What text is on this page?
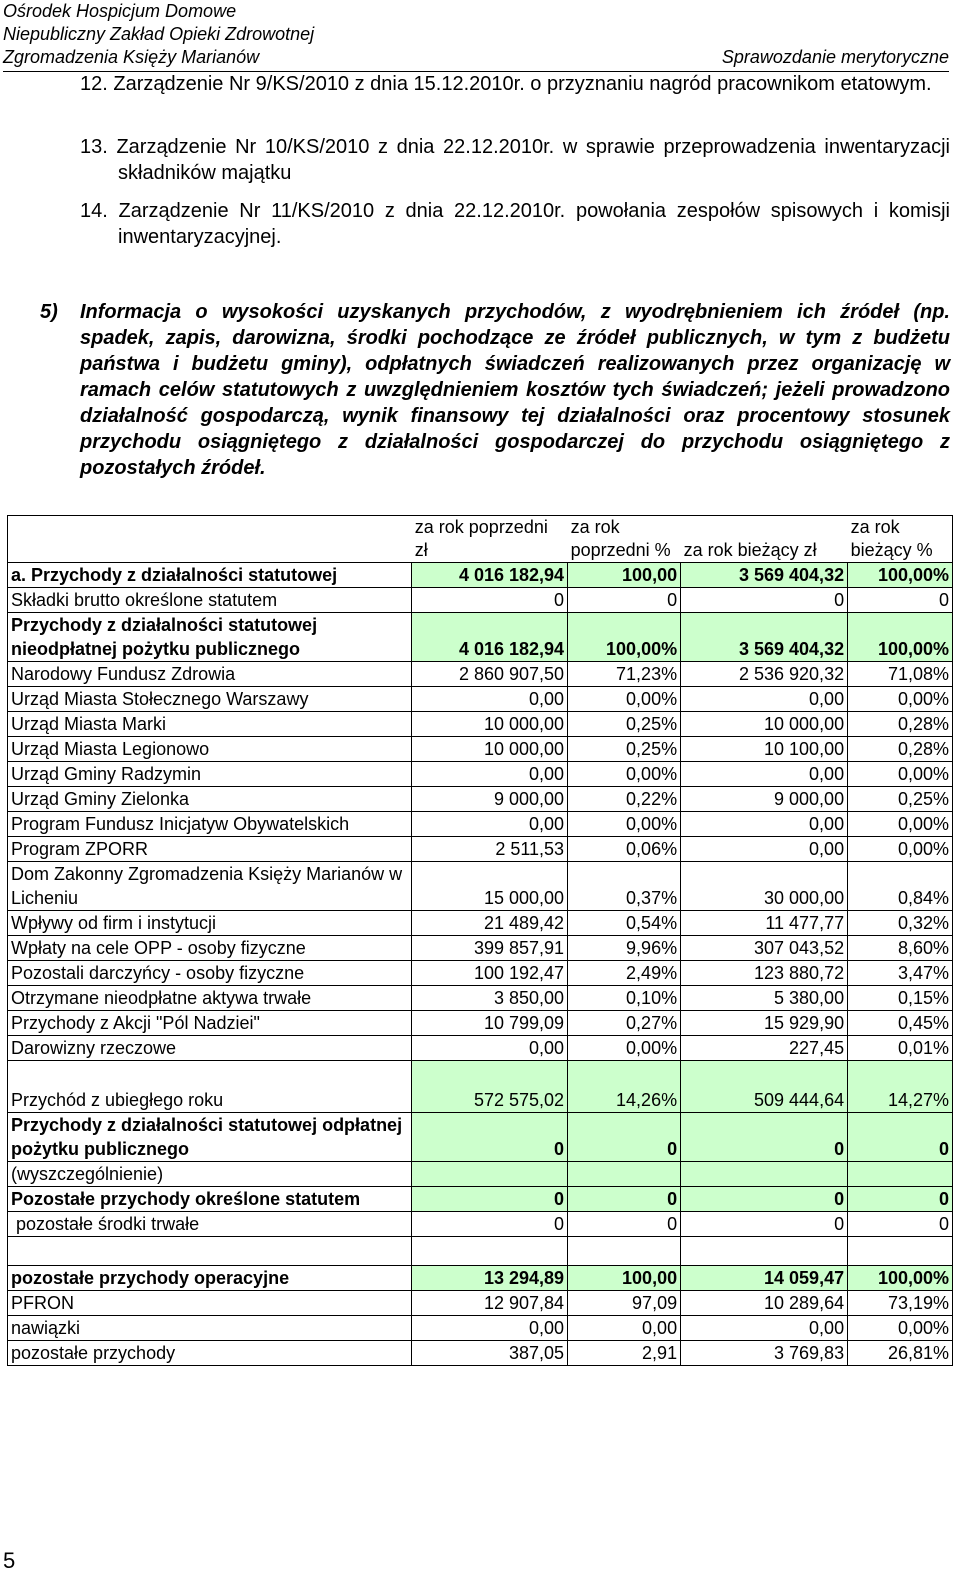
Ośrodek Hospicjum Domowe
Niepubliczny Zakład Opieki Zdrowotnej
Zgromadzenia Księży Marianów	Sprawozdanie merytoryczne
12. Zarządzenie Nr 9/KS/2010 z dnia 15.12.2010r. o przyznaniu nagród pracownikom etatowym.
13. Zarządzenie Nr 10/KS/2010 z dnia 22.12.2010r. w sprawie przeprowadzenia inwentaryzacji składników majątku
14. Zarządzenie Nr 11/KS/2010 z dnia 22.12.2010r. powołania zespołów spisowych i komisji inwentaryzacyjnej.
5) Informacja o wysokości uzyskanych przychodów, z wyodrębnieniem ich źródeł (np. spadek, zapis, darowizna, środki pochodzące ze źródeł publicznych, w tym z budżetu państwa i budżetu gminy), odpłatnych świadczeń realizowanych przez organizację w ramach celów statutowych z uwzględnieniem kosztów tych świadczeń; jeżeli prowadzono działalność gospodarczą, wynik finansowy tej działalności oraz procentowy stosunek przychodu osiągniętego z działalności gospodarczej do przychodu osiągniętego z pozostałych źródeł.
	za rok poprzedni zł	za rok poprzedni %	za rok bieżący zł	za rok bieżący %
a. Przychody z działalności statutowej	4 016 182,94	100,00	3 569 404,32	100,00%
Składki brutto określone statutem	0	0	0	0
Przychody z działalności statutowej nieodpłatnej pożytku publicznego	4 016 182,94	100,00%	3 569 404,32	100,00%
Narodowy Fundusz Zdrowia	2 860 907,50	71,23%	2 536 920,32	71,08%
Urząd Miasta Stołecznego Warszawy	0,00	0,00%	0,00	0,00%
Urząd Miasta Marki	10 000,00	0,25%	10 000,00	0,28%
Urząd Miasta Legionowo	10 000,00	0,25%	10 100,00	0,28%
Urząd Gminy Radzymin	0,00	0,00%	0,00	0,00%
Urząd Gminy Zielonka	9 000,00	0,22%	9 000,00	0,25%
Program Fundusz Inicjatyw Obywatelskich	0,00	0,00%	0,00	0,00%
Program ZPORR	2 511,53	0,06%	0,00	0,00%
Dom Zakonny Zgromadzenia Księży Marianów w Licheniu	15 000,00	0,37%	30 000,00	0,84%
Wpływy od firm i instytucji	21 489,42	0,54%	11 477,77	0,32%
Wpłaty na cele OPP - osoby fizyczne	399 857,91	9,96%	307 043,52	8,60%
Pozostali darczyńcy - osoby fizyczne	100 192,47	2,49%	123 880,72	3,47%
Otrzymane nieodpłatne aktywa trwałe	3 850,00	0,10%	5 380,00	0,15%
Przychody z Akcji "Pól Nadziei"	10 799,09	0,27%	15 929,90	0,45%
Darowizny rzeczowe	0,00	0,00%	227,45	0,01%
Przychód z ubiegłego roku	572 575,02	14,26%	509 444,64	14,27%
Przychody z działalności statutowej odpłatnej pożytku publicznego	0	0	0	0
(wyszczególnienie)				
Pozostałe przychody określone statutem	0	0	0	0
pozostałe środki trwałe	0	0	0	0

pozostałe przychody operacyjne	13 294,89	100,00	14 059,47	100,00%
PFRON	12 907,84	97,09	10 289,64	73,19%
nawiązki	0,00	0,00	0,00	0,00%
pozostałe przychody	387,05	2,91	3 769,83	26,81%
5
